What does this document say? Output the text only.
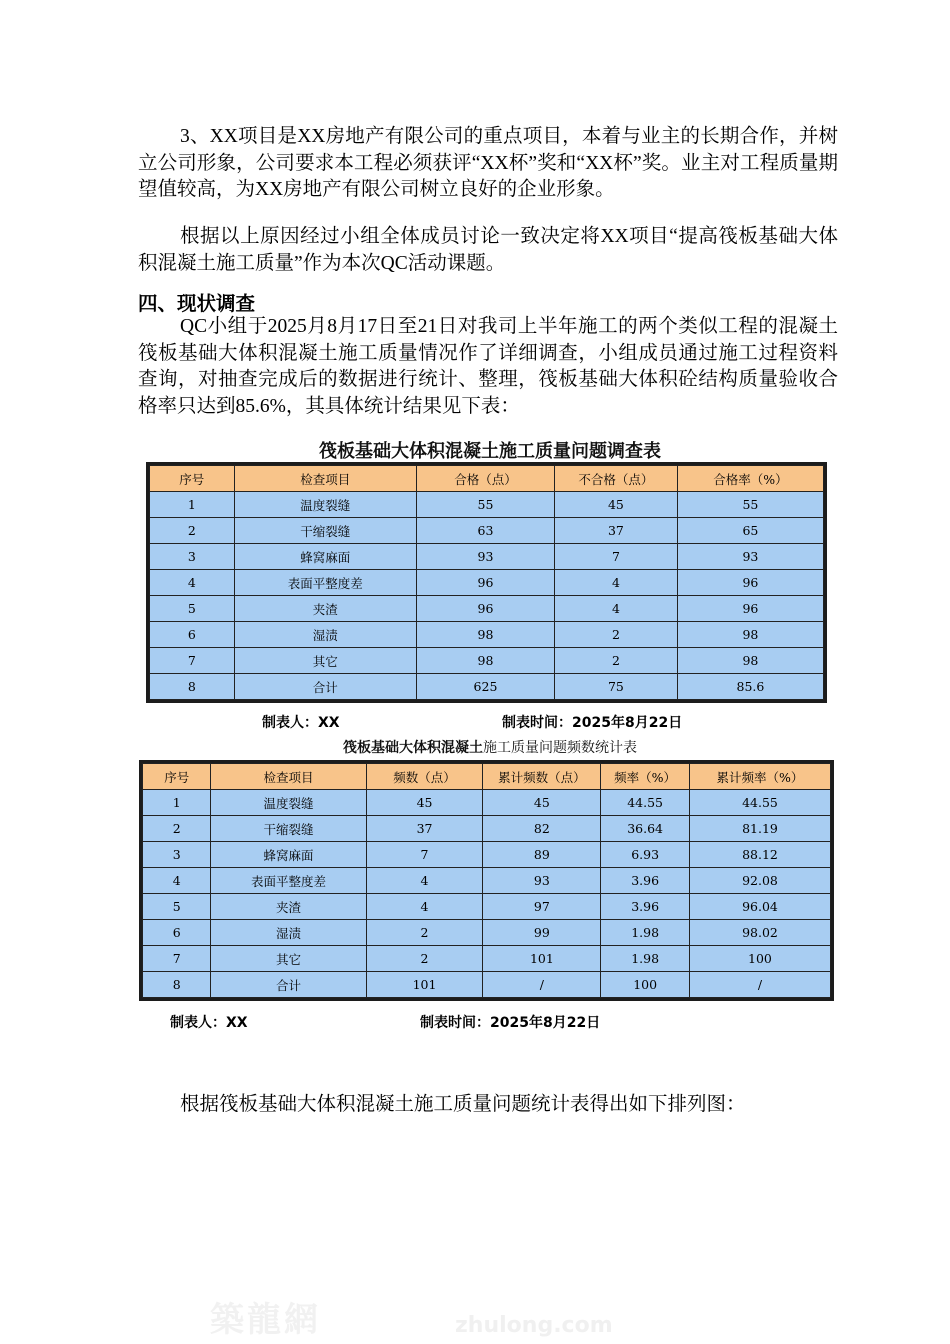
3、XX项目是XX房地产有限公司的重点项目，本着与业主的长期合作，并树立公司形象，公司要求本工程必须获评“XX杯”奖和“XX杯”奖。业主对工程质量期望值较高，为XX房地产有限公司树立良好的企业形象。
根据以上原因经过小组全体成员讨论一致决定将XX项目“提高筏板基础大体积混凝土施工质量”作为本次QC活动课题。
四、现状调查
QC小组于2025月8月17日至21日对我司上半年施工的两个类似工程的混凝土筏板基础大体积混凝土施工质量情况作了详细调查，小组成员通过施工过程资料查询，对抽查完成后的数据进行统计、整理，筏板基础大体积砼结构质量验收合格率只达到85.6%，其具体统计结果见下表：
筏板基础大体积混凝土施工质量问题调查表
序号	检查项目	合格（点）	不合格（点）	合格率（%）
1	温度裂缝	55	45	55
2	干缩裂缝	63	37	65
3	蜂窝麻面	93	7	93
4	表面平整度差	96	4	96
5	夹渣	96	4	96
6	湿渍	98	2	98
7	其它	98	2	98
8	合计	625	75	85.6
制表人：XX	制表时间：2025年8月22日
筏板基础大体积混凝土施工质量问题频数统计表
序号	检查项目	频数（点）	累计频数（点）	频率（%）	累计频率（%）
1	温度裂缝	45	45	44.55	44.55
2	干缩裂缝	37	82	36.64	81.19
3	蜂窝麻面	7	89	6.93	88.12
4	表面平整度差	4	93	3.96	92.08
5	夹渣	4	97	3.96	96.04
6	湿渍	2	99	1.98	98.02
7	其它	2	101	1.98	100
8	合计	101	/	100	/
制表人：XX	制表时间：2025年8月22日
根据筏板基础大体积混凝土施工质量问题统计表得出如下排列图：
築龍網	zhulong.com
